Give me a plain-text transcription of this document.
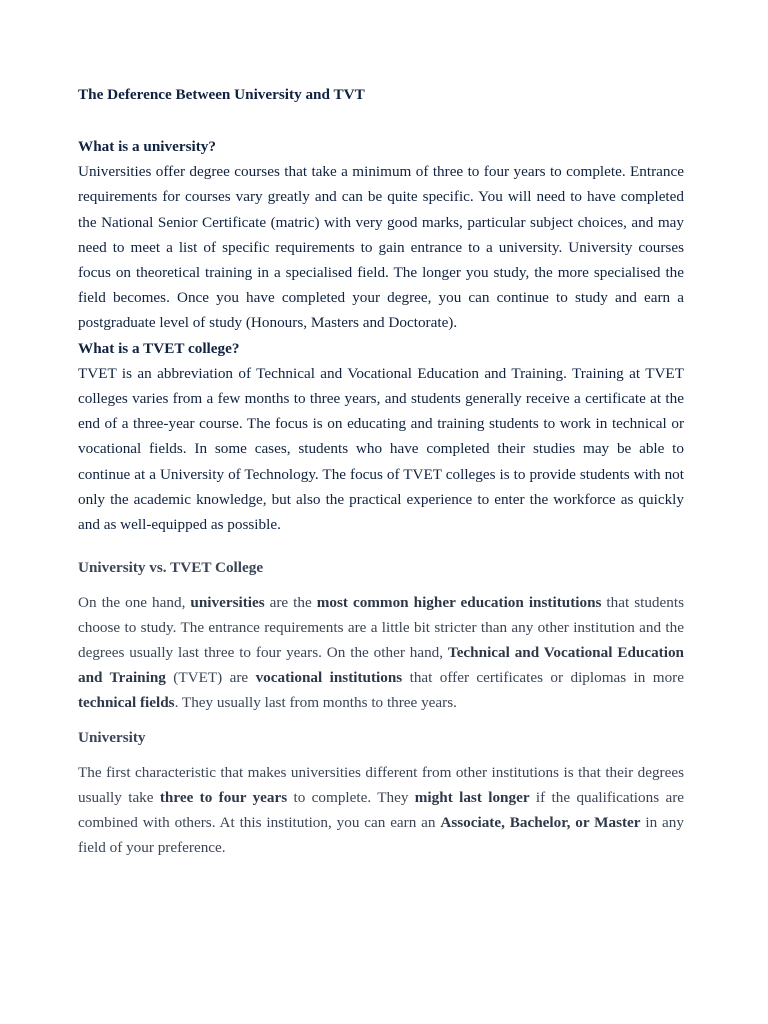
The Deference Between University and TVT
What is a university?

Universities offer degree courses that take a minimum of three to four years to complete. Entrance requirements for courses vary greatly and can be quite specific. You will need to have completed the National Senior Certificate (matric) with very good marks, particular subject choices, and may need to meet a list of specific requirements to gain entrance to a university. University courses focus on theoretical training in a specialised field. The longer you study, the more specialised the field becomes. Once you have completed your degree, you can continue to study and earn a postgraduate level of study (Honours, Masters and Doctorate).

What is a TVET college?

TVET is an abbreviation of Technical and Vocational Education and Training. Training at TVET colleges varies from a few months to three years, and students generally receive a certificate at the end of a three-year course. The focus is on educating and training students to work in technical or vocational fields. In some cases, students who have completed their studies may be able to continue at a University of Technology. The focus of TVET colleges is to provide students with not only the academic knowledge, but also the practical experience to enter the workforce as quickly and as well-equipped as possible.

University vs. TVET College

On the one hand, universities are the most common higher education institutions that students choose to study. The entrance requirements are a little bit stricter than any other institution and the degrees usually last three to four years. On the other hand, Technical and Vocational Education and Training (TVET) are vocational institutions that offer certificates or diplomas in more technical fields. They usually last from months to three years.

University

The first characteristic that makes universities different from other institutions is that their degrees usually take three to four years to complete. They might last longer if the qualifications are combined with others. At this institution, you can earn an Associate, Bachelor, or Master in any field of your preference.
